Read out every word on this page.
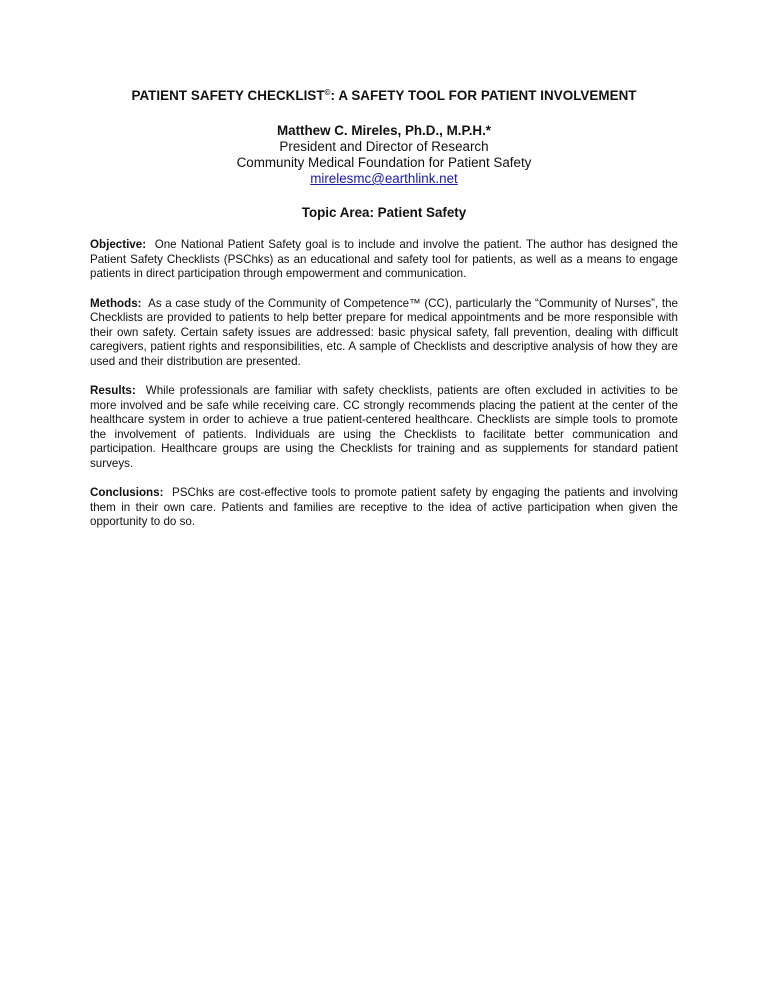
PATIENT SAFETY CHECKLIST©: A SAFETY TOOL FOR PATIENT INVOLVEMENT
Matthew C. Mireles, Ph.D., M.P.H.*
President and Director of Research
Community Medical Foundation for Patient Safety
mirelesmc@earthlink.net
Topic Area: Patient Safety

Objective: One National Patient Safety goal is to include and involve the patient. The author has designed the Patient Safety Checklists (PSChks) as an educational and safety tool for patients, as well as a means to engage patients in direct participation through empowerment and communication.

Methods: As a case study of the Community of Competence™ (CC), particularly the “Community of Nurses”, the Checklists are provided to patients to help better prepare for medical appointments and be more responsible with their own safety. Certain safety issues are addressed: basic physical safety, fall prevention, dealing with difficult caregivers, patient rights and responsibilities, etc. A sample of Checklists and descriptive analysis of how they are used and their distribution are presented.

Results: While professionals are familiar with safety checklists, patients are often excluded in activities to be more involved and be safe while receiving care. CC strongly recommends placing the patient at the center of the healthcare system in order to achieve a true patient-centered healthcare. Checklists are simple tools to promote the involvement of patients. Individuals are using the Checklists to facilitate better communication and participation. Healthcare groups are using the Checklists for training and as supplements for standard patient surveys.

Conclusions: PSChks are cost-effective tools to promote patient safety by engaging the patients and involving them in their own care. Patients and families are receptive to the idea of active participation when given the opportunity to do so.
